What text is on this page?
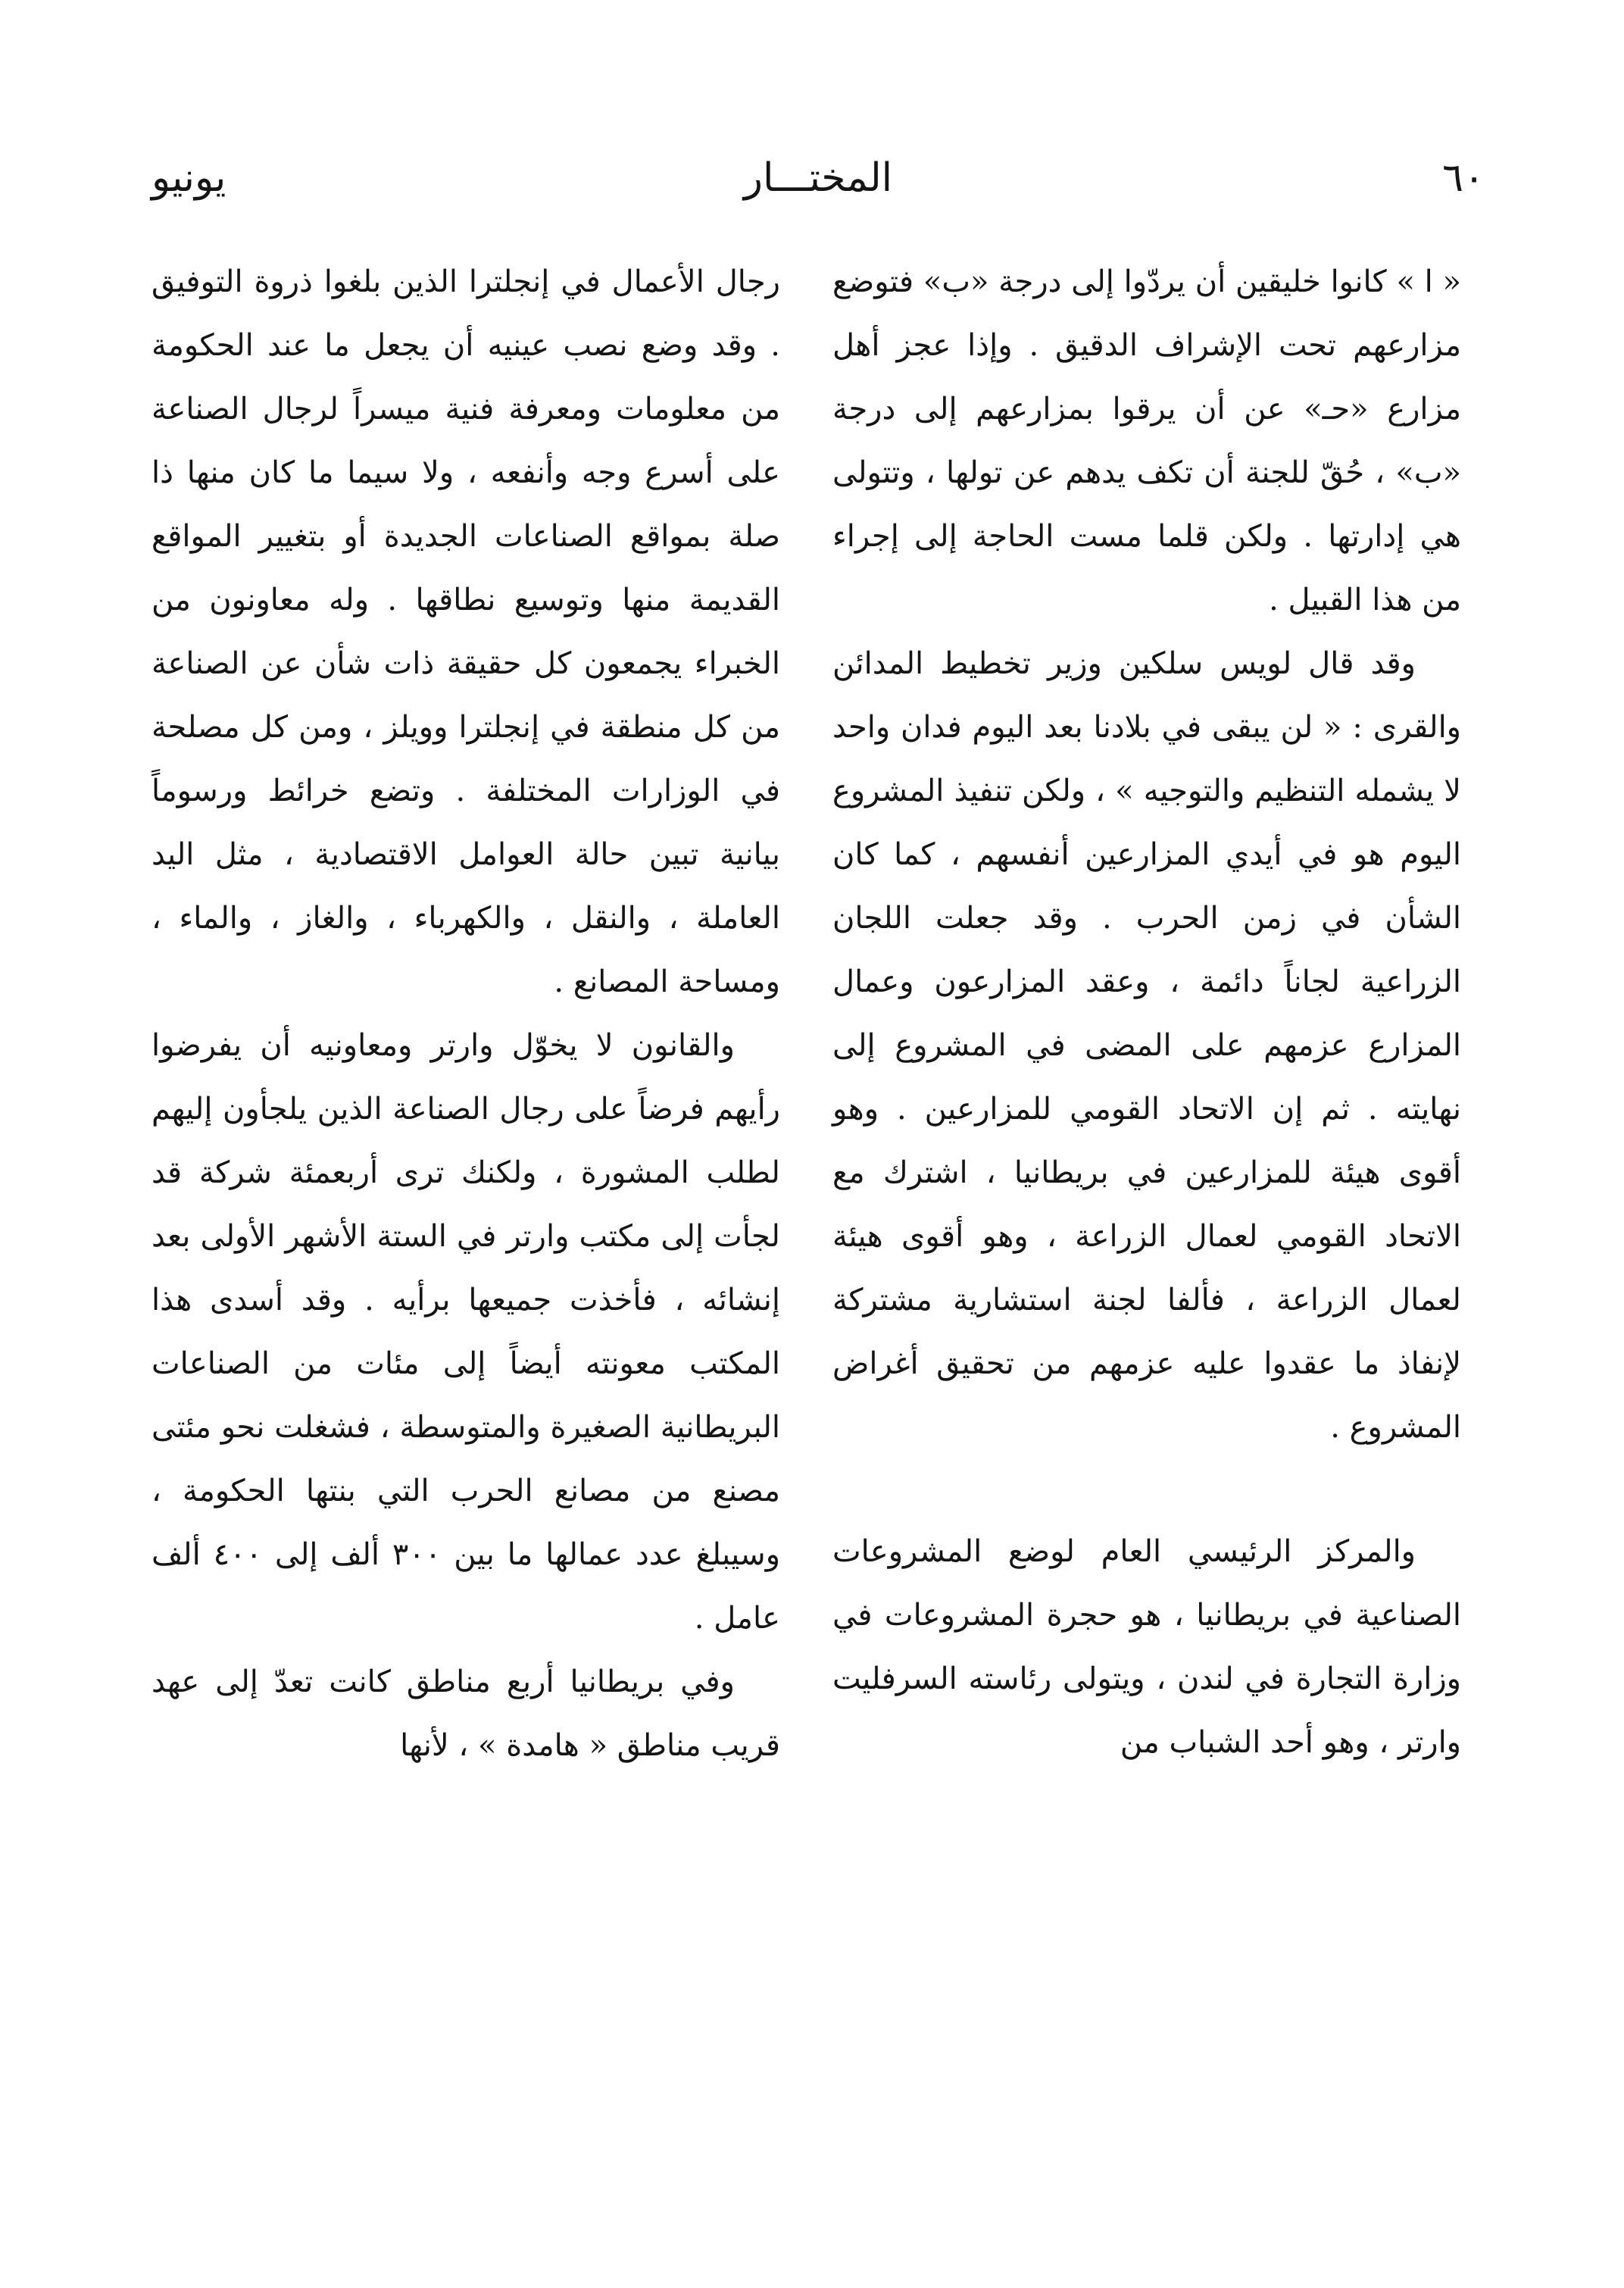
يونيو	المختـــار	٦٠

« ا » كانوا خليقين أن يردّوا إلى درجة «ب» فتوضع مزارعهم تحت الإشراف الدقيق . وإذا عجز أهل مزارع «حـ» عن أن يرقوا بمزارعهم إلى درجة «ب» ، حُقّ للجنة أن تكف يدهم عن تولها ، وتتولى هي إدارتها . ولكن قلما مست الحاجة إلى إجراء من هذا القبيل .

وقد قال لويس سلكين وزير تخطيط المدائن والقرى : « لن يبقى في بلادنا بعد اليوم فدان واحد لا يشمله التنظيم والتوجيه » ، ولكن تنفيذ المشروع اليوم هو في أيدي المزارعين أنفسهم ، كما كان الشأن في زمن الحرب . وقد جعلت اللجان الزراعية لجاناً دائمة ، وعقد المزارعون وعمال المزارع عزمهم على المضى في المشروع إلى نهايته . ثم إن الاتحاد القومي للمزارعين . وهو أقوى هيئة للمزارعين في بريطانيا ، اشترك مع الاتحاد القومي لعمال الزراعة ، وهو أقوى هيئة لعمال الزراعة ، فألفا لجنة استشارية مشتركة لإنفاذ ما عقدوا عليه عزمهم من تحقيق أغراض المشروع .

والمركز الرئيسي العام لوضع المشروعات الصناعية في بريطانيا ، هو حجرة المشروعات في وزارة التجارة في لندن ، ويتولى رئاسته السرفليت وارتر ، وهو أحد الشباب من

رجال الأعمال في إنجلترا الذين بلغوا ذروة التوفيق . وقد وضع نصب عينيه أن يجعل ما عند الحكومة من معلومات ومعرفة فنية ميسراً لرجال الصناعة على أسرع وجه وأنفعه ، ولا سيما ما كان منها ذا صلة بمواقع الصناعات الجديدة أو بتغيير المواقع القديمة منها وتوسيع نطاقها . وله معاونون من الخبراء يجمعون كل حقيقة ذات شأن عن الصناعة من كل منطقة في إنجلترا وويلز ، ومن كل مصلحة في الوزارات المختلفة . وتضع خرائط ورسوماً بيانية تبين حالة العوامل الاقتصادية ، مثل اليد العاملة ، والنقل ، والكهرباء ، والغاز ، والماء ، ومساحة المصانع .

والقانون لا يخوّل وارتر ومعاونيه أن يفرضوا رأيهم فرضاً على رجال الصناعة الذين يلجأون إليهم لطلب المشورة ، ولكنك ترى أربعمئة شركة قد لجأت إلى مكتب وارتر في الستة الأشهر الأولى بعد إنشائه ، فأخذت جميعها برأيه . وقد أسدى هذا المكتب معونته أيضاً إلى مئات من الصناعات البريطانية الصغيرة والمتوسطة ، فشغلت نحو مئتى مصنع من مصانع الحرب التي بنتها الحكومة ، وسيبلغ عدد عمالها ما بين ٣٠٠ ألف إلى ٤٠٠ ألف عامل .

وفي بريطانيا أربع مناطق كانت تعدّ إلى عهد قريب مناطق « هامدة » ، لأنها
